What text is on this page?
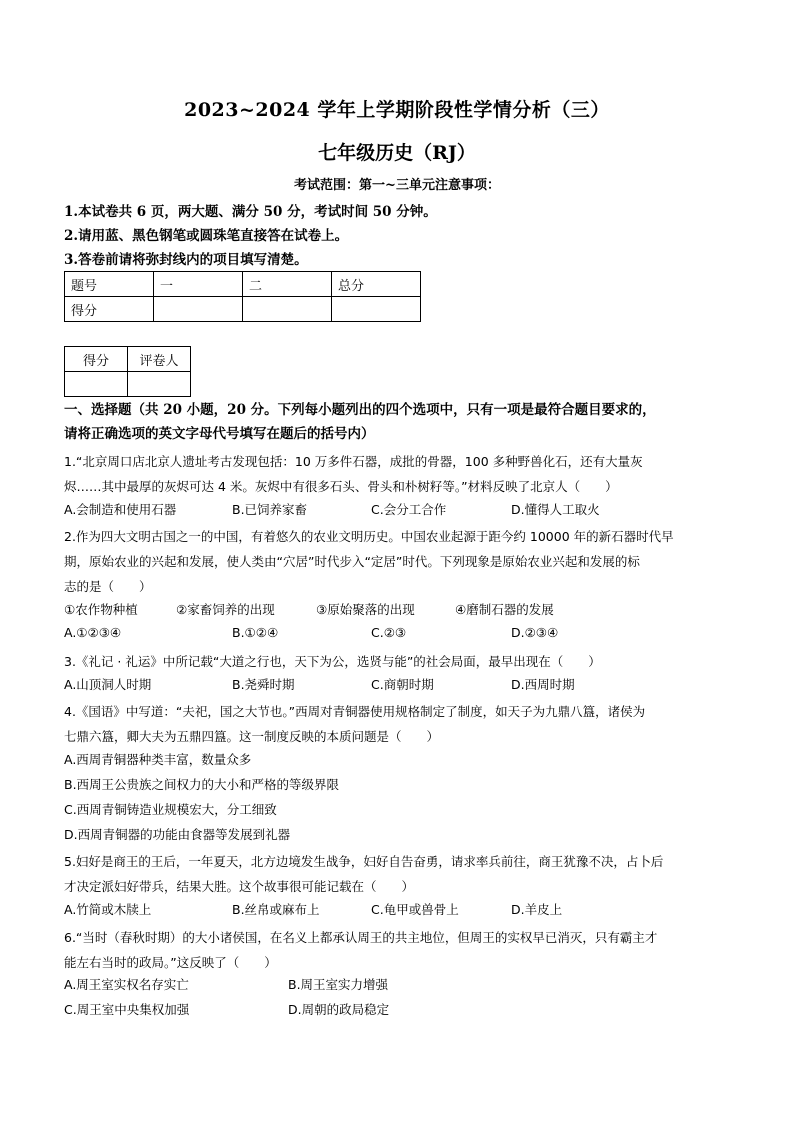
2023~2024 学年上学期阶段性学情分析（三）
七年级历史（RJ）
考试范围：第一~三单元注意事项：
1.本试卷共 6 页，两大题、满分 50 分，考试时间 50 分钟。
2.请用蓝、黑色钢笔或圆珠笔直接答在试卷上。
3.答卷前请将弥封线内的项目填写清楚。
题号	一	二	总分
得分			
得分	评卷人

一、选择题（共 20 小题，20 分。下列每小题列出的四个选项中，只有一项是最符合题目要求的，
请将正确选项的英文字母代号填写在题后的括号内）
1.“北京周口店北京人遗址考古发现包括：10 万多件石器，成批的骨器，100 多种野兽化石，还有大量灰
烬……其中最厚的灰烬可达 4 米。灰烬中有很多石头、骨头和朴树籽等。”材料反映了北京人（　　）
A.会制造和使用石器	B.已饲养家畜	C.会分工合作	D.懂得人工取火
2.作为四大文明古国之一的中国，有着悠久的农业文明历史。中国农业起源于距今约 10000 年的新石器时代早
期，原始农业的兴起和发展，使人类由“穴居”时代步入“定居”时代。下列现象是原始农业兴起和发展的标
志的是（　　）
①农作物种植	②家畜饲养的出现	③原始聚落的出现	④磨制石器的发展
A.①②③④	B.①②④	C.②③	D.②③④
3.《礼记 · 礼运》中所记载“大道之行也，天下为公，选贤与能”的社会局面，最早出现在（　　）
A.山顶洞人时期	B.尧舜时期	C.商朝时期	D.西周时期
4.《国语》中写道：“夫祀，国之大节也。”西周对青铜器使用规格制定了制度，如天子为九鼎八簋，诸侯为
七鼎六簋，卿大夫为五鼎四簋。这一制度反映的本质问题是（　　）
A.西周青铜器种类丰富，数量众多
B.西周王公贵族之间权力的大小和严格的等级界限
C.西周青铜铸造业规模宏大，分工细致
D.西周青铜器的功能由食器等发展到礼器
5.妇好是商王的王后，一年夏天，北方边境发生战争，妇好自告奋勇，请求率兵前往，商王犹豫不决，占卜后
才决定派妇好带兵，结果大胜。这个故事很可能记载在（　　）
A.竹简或木牍上	B.丝帛或麻布上	C.龟甲或兽骨上	D.羊皮上
6.“当时（春秋时期）的大小诸侯国，在名义上都承认周王的共主地位，但周王的实权早已消灭，只有霸主才
能左右当时的政局。”这反映了（　　）
A.周王室实权名存实亡	B.周王室实力增强
C.周王室中央集权加强	D.周朝的政局稳定
